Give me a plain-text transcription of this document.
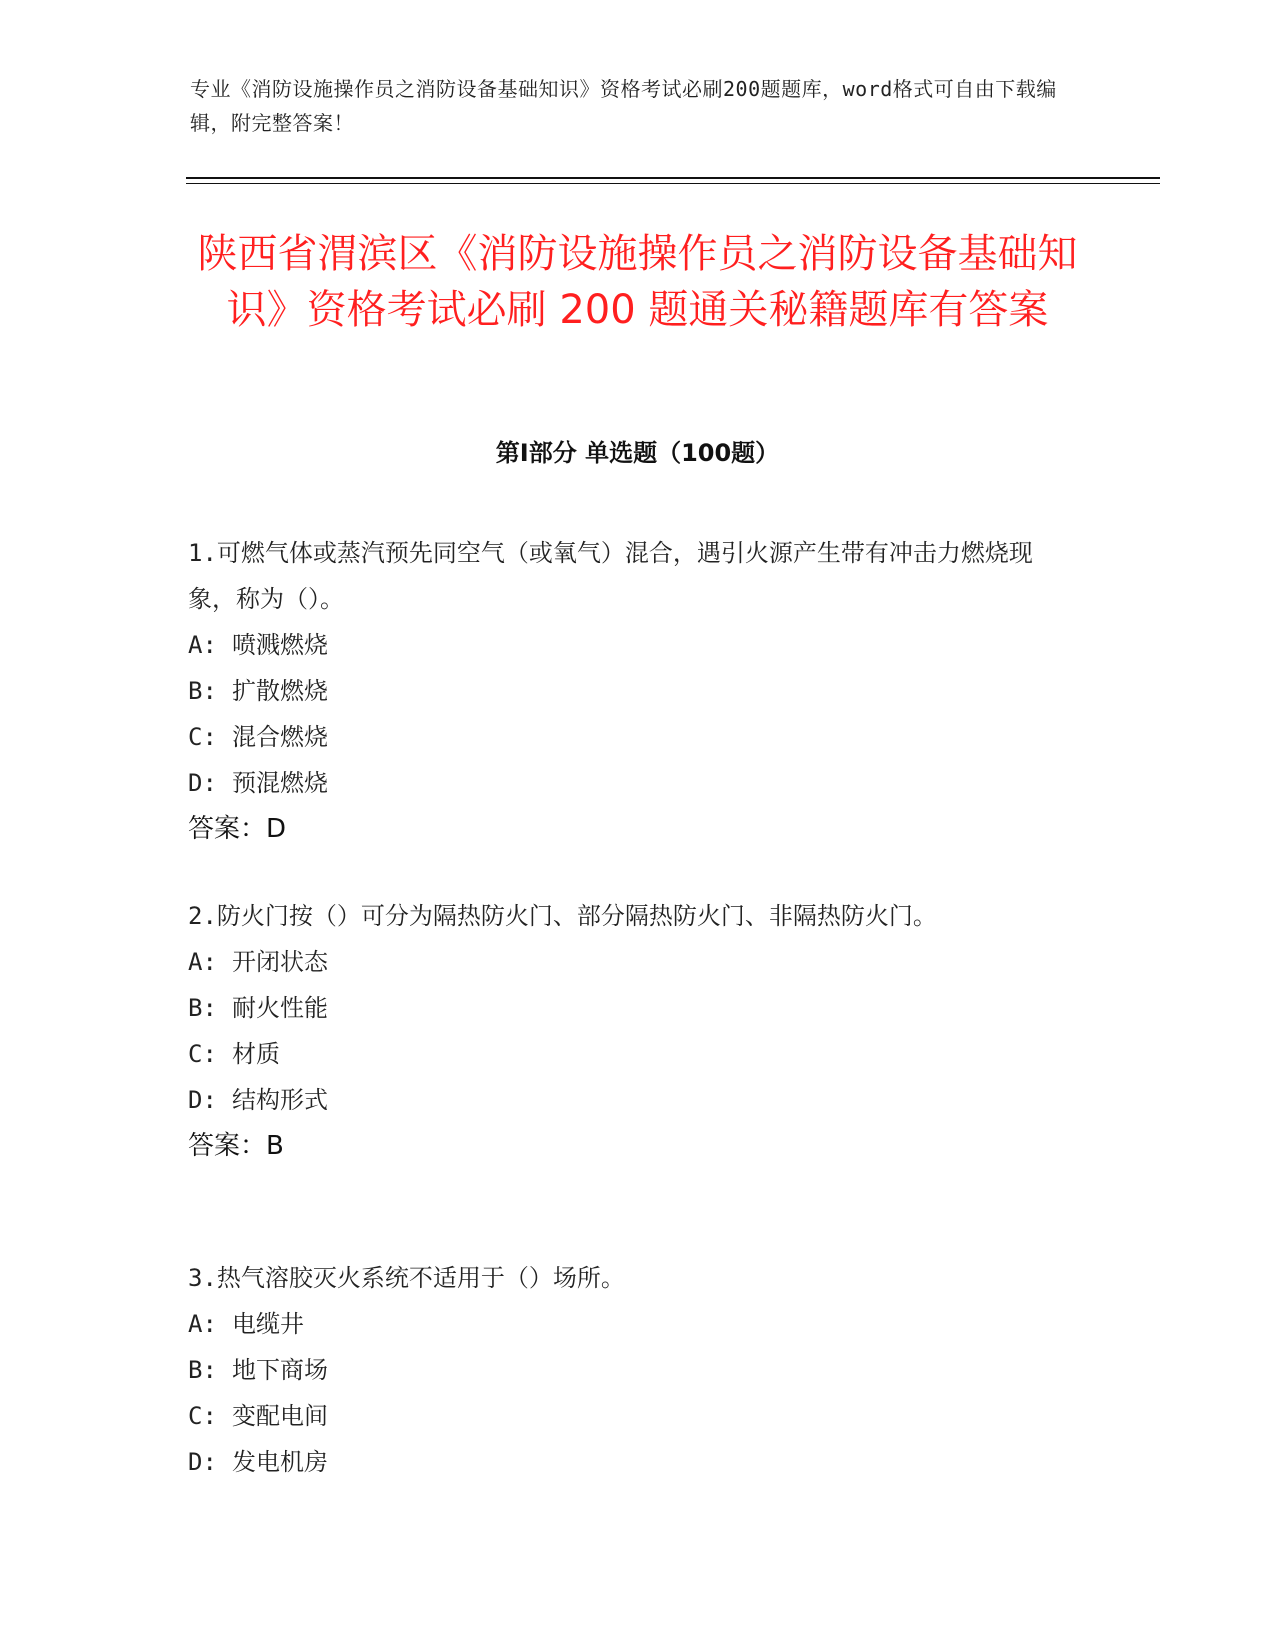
专业《消防设施操作员之消防设备基础知识》资格考试必刷200题题库，word格式可自由下载编辑，附完整答案！
陕西省渭滨区《消防设施操作员之消防设备基础知识》资格考试必刷 200 题通关秘籍题库有答案
第Ⅰ部分 单选题（100题）

1.可燃气体或蒸汽预先同空气（或氧气）混合，遇引火源产生带有冲击力燃烧现象，称为（）。

A: 喷溅燃烧
B: 扩散燃烧
C: 混合燃烧
D: 预混燃烧
答案：D

2.防火门按（）可分为隔热防火门、部分隔热防火门、非隔热防火门。

A: 开闭状态
B: 耐火性能
C: 材质
D: 结构形式
答案：B

3.热气溶胶灭火系统不适用于（）场所。

A: 电缆井
B: 地下商场
C: 变配电间
D: 发电机房
